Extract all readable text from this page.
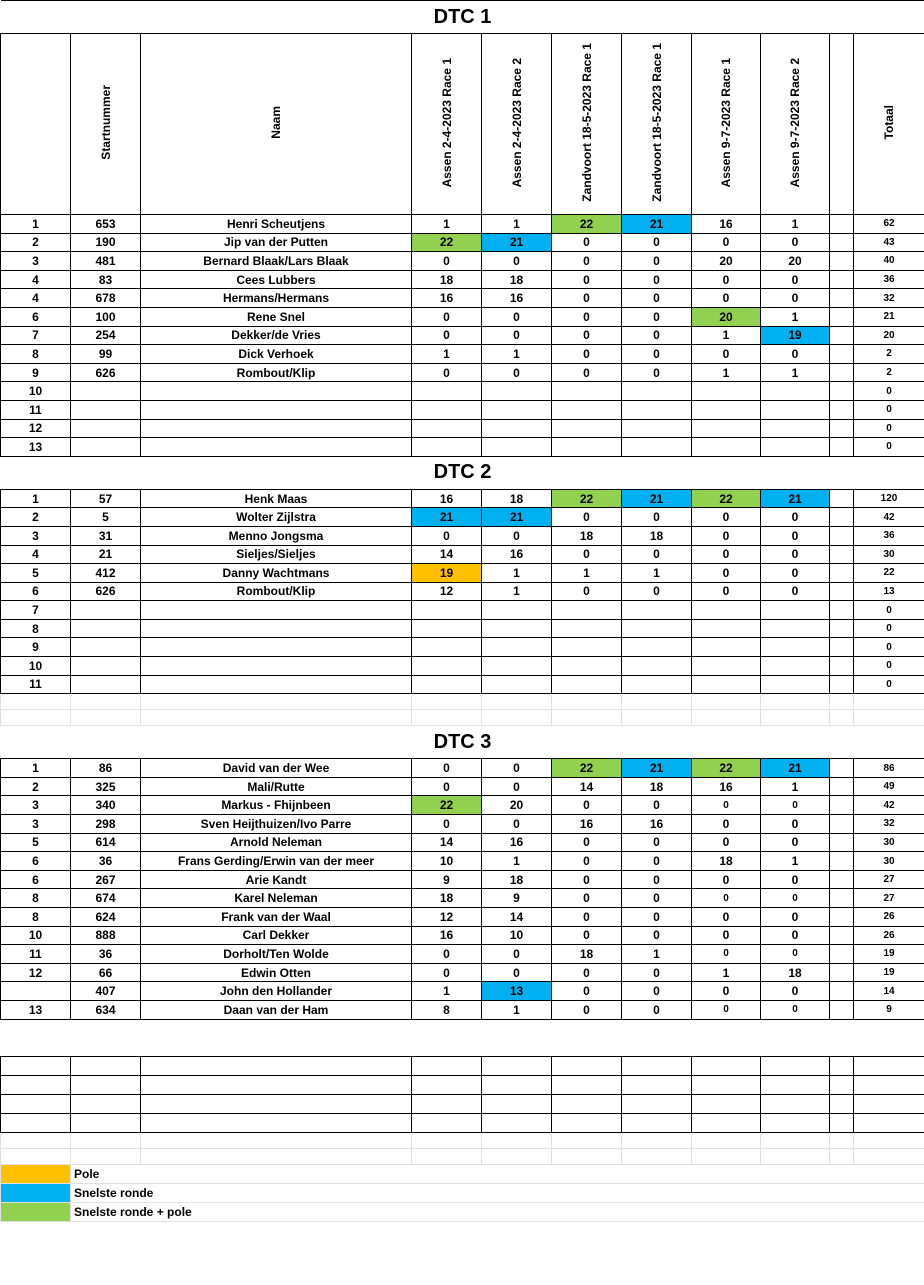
DTC 1										
	Startnummer	Naam	Assen 2-4-2023 Race 1	Assen 2-4-2023 Race 2	Zandvoort 18-5-2023 Race 1	Zandvoort 18-5-2023 Race 1	Assen 9-7-2023 Race 1	Assen 9-7-2023 Race 2		Totaal
1	653	Henri Scheutjens	1	1	22	21	16	1		62
2	190	Jip van der Putten	22	21	0	0	0	0		43
3	481	Bernard Blaak/Lars Blaak	0	0	0	0	20	20		40
4	83	Cees Lubbers	18	18	0	0	0	0		36
4	678	Hermans/Hermans	16	16	0	0	0	0		32
6	100	Rene Snel	0	0	0	0	20	1		21
7	254	Dekker/de Vries	0	0	0	0	1	19		20
8	99	Dick Verhoek	1	1	0	0	0	0		2
9	626	Rombout/Klip	0	0	0	0	1	1		2
10										0
11										0
12										0
13										0
DTC 2										
1	57	Henk Maas	16	18	22	21	22	21		120
2	5	Wolter Zijlstra	21	21	0	0	0	0		42
3	31	Menno Jongsma	0	0	18	18	0	0		36
4	21	Sieljes/Sieljes	14	16	0	0	0	0		30
5	412	Danny Wachtmans	19	1	1	1	0	0		22
6	626	Rombout/Klip	12	1	0	0	0	0		13
7										0
8										0
9										0
10										0
11										0

DTC 3										
1	86	David van der Wee	0	0	22	21	22	21		86
2	325	Mali/Rutte	0	0	14	18	16	1		49
3	340	Markus - Fhijnbeen	22	20	0	0	0	0		42
3	298	Sven Heijthuizen/Ivo Parre	0	0	16	16	0	0		32
5	614	Arnold Neleman	14	16	0	0	0	0		30
6	36	Frans Gerding/Erwin van der meer	10	1	0	0	18	1		30
6	267	Arie Kandt	9	18	0	0	0	0		27
8	674	Karel Neleman	18	9	0	0	0	0		27
8	624	Frank van der Waal	12	14	0	0	0	0		26
10	888	Carl Dekker	16	10	0	0	0	0		26
11	36	Dorholt/Ten Wolde	0	0	18	1	0	0		19
12	66	Edwin Otten	0	0	0	0	1	18		19
	407	John den Hollander	1	13	0	0	0	0		14
13	634	Daan van der Ham	8	1	0	0	0	0		9

	Pole									
	Snelste ronde									
	Snelste ronde + pole									
